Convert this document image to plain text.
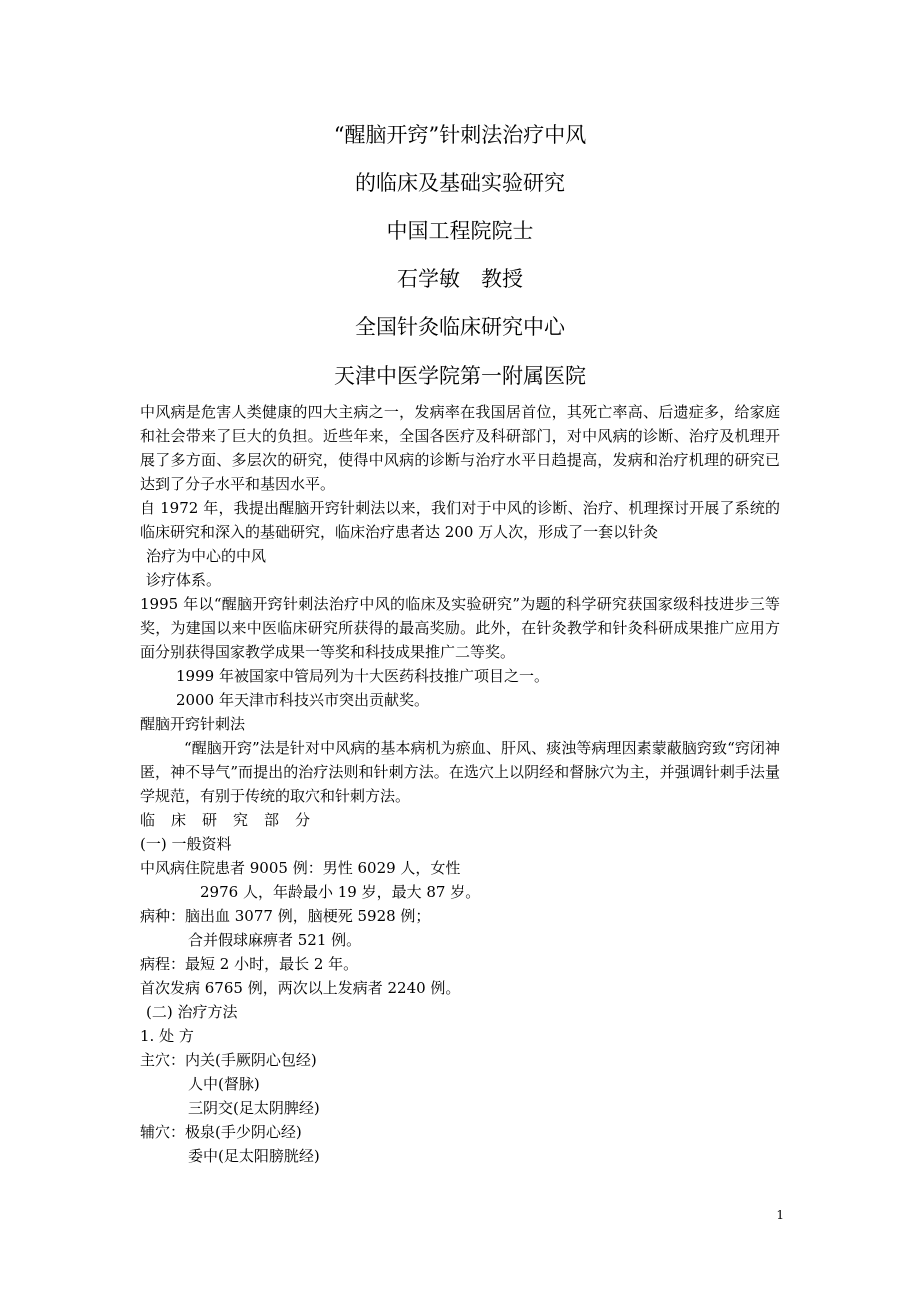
“醒脑开窍”针刺法治疗中风
的临床及基础实验研究
中国工程院院士
石学敏　教授
全国针灸临床研究中心
天津中医学院第一附属医院

中风病是危害人类健康的四大主病之一，发病率在我国居首位，其死亡率高、后遗症多，给家庭和社会带来了巨大的负担。近些年来，全国各医疗及科研部门，对中风病的诊断、治疗及机理开展了多方面、多层次的研究，使得中风病的诊断与治疗水平日趋提高，发病和治疗机理的研究已达到了分子水平和基因水平。

自 1972 年，我提出醒脑开窍针刺法以来，我们对于中风的诊断、治疗、机理探讨开展了系统的临床研究和深入的基础研究，临床治疗患者达 200 万人次，形成了一套以针灸

治疗为中心的中风

诊疗体系。

1995 年以“醒脑开窍针刺法治疗中风的临床及实验研究”为题的科学研究获国家级科技进步三等奖，为建国以来中医临床研究所获得的最高奖励。此外，在针灸教学和针灸科研成果推广应用方面分别获得国家教学成果一等奖和科技成果推广二等奖。

1999 年被国家中管局列为十大医药科技推广项目之一。

2000 年天津市科技兴市突出贡献奖。

醒脑开窍针刺法

“醒脑开窍”法是针对中风病的基本病机为瘀血、肝风、痰浊等病理因素蒙蔽脑窍致“窍闭神匿，神不导气”而提出的治疗法则和针刺方法。在选穴上以阴经和督脉穴为主，并强调针刺手法量学规范，有别于传统的取穴和针刺方法。

临床研究部分

(一) 一般资料

中风病住院患者 9005 例：男性 6029 人，女性

2976 人，年龄最小 19 岁，最大 87 岁。

病种：脑出血 3077 例，脑梗死 5928 例；

合并假球麻痹者 521 例。

病程：最短 2 小时，最长 2 年。

首次发病 6765 例，两次以上发病者 2240 例。

(二) 治疗方法

1. 处 方

主穴：内关(手厥阴心包经)

人中(督脉)

三阴交(足太阴脾经)

辅穴：极泉(手少阴心经)

委中(足太阳膀胱经)

1
